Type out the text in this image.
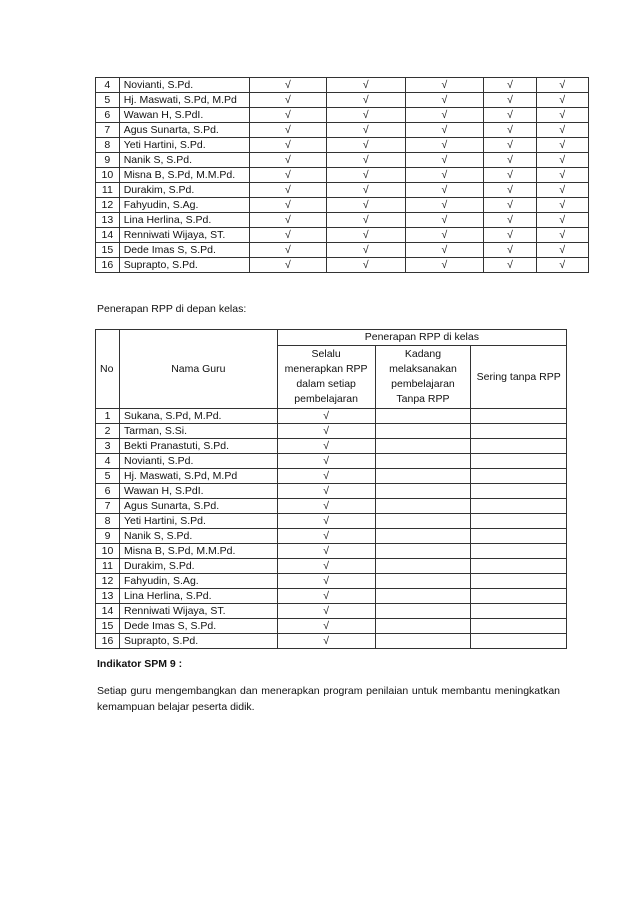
4	Novianti, S.Pd.	√	√	√	√	√
5	Hj. Maswati, S.Pd, M.Pd	√	√	√	√	√
6	Wawan H, S.PdI.	√	√	√	√	√
7	Agus Sunarta, S.Pd.	√	√	√	√	√
8	Yeti Hartini, S.Pd.	√	√	√	√	√
9	Nanik S, S.Pd.	√	√	√	√	√
10	Misna B, S.Pd, M.M.Pd.	√	√	√	√	√
11	Durakim, S.Pd.	√	√	√	√	√
12	Fahyudin, S.Ag.	√	√	√	√	√
13	Lina Herlina, S.Pd.	√	√	√	√	√
14	Renniwati Wijaya, ST.	√	√	√	√	√
15	Dede Imas S, S.Pd.	√	√	√	√	√
16	Suprapto, S.Pd.	√	√	√	√	√
Penerapan RPP di depan kelas:
No	Nama Guru	Penerapan RPP di kelas		
		Selalu menerapkan RPP dalam setiap pembelajaran	Kadang melaksanakan pembelajaran Tanpa RPP	Sering tanpa RPP
1	Sukana, S.Pd, M.Pd.	√		
2	Tarman, S.Si.	√		
3	Bekti Pranastuti, S.Pd.	√		
4	Novianti, S.Pd.	√		
5	Hj. Maswati, S.Pd, M.Pd	√		
6	Wawan H, S.PdI.	√		
7	Agus Sunarta, S.Pd.	√		
8	Yeti Hartini, S.Pd.	√		
9	Nanik S, S.Pd.	√		
10	Misna B, S.Pd, M.M.Pd.	√		
11	Durakim, S.Pd.	√		
12	Fahyudin, S.Ag.	√		
13	Lina Herlina, S.Pd.	√		
14	Renniwati Wijaya, ST.	√		
15	Dede Imas S, S.Pd.	√		
16	Suprapto, S.Pd.	√		
Indikator SPM 9 :
Setiap guru mengembangkan dan menerapkan program penilaian untuk membantu meningkatkan kemampuan belajar peserta didik.
